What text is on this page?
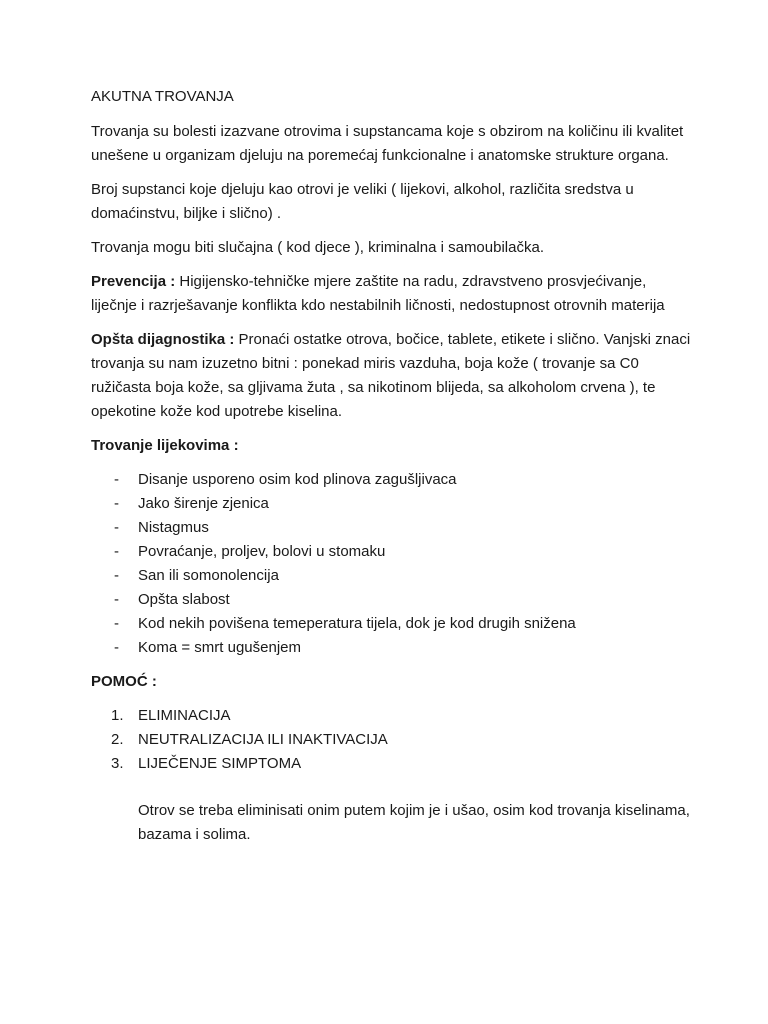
AKUTNA TROVANJA

Trovanja su bolesti izazvane otrovima i supstancama koje s obzirom na količinu ili kvalitet unešene u organizam djeluju na poremećaj funkcionalne i anatomske strukture organa.

Broj supstanci koje djeluju kao otrovi je veliki ( lijekovi, alkohol, različita sredstva u domaćinstvu, biljke i slično) .

Trovanja mogu biti slučajna ( kod djece ), kriminalna i samoubilačka.

Prevencija : Higijensko-tehničke mjere zaštite na radu, zdravstveno prosvjećivanje, liječnje i razrješavanje konflikta kdo nestabilnih ličnosti, nedostupnost otrovnih materija

Opšta dijagnostika : Pronaći ostatke otrova, bočice, tablete, etikete i slično. Vanjski znaci trovanja su nam izuzetno bitni : ponekad miris vazduha, boja kože ( trovanje sa C0 ružičasta boja kože, sa gljivama žuta , sa nikotinom blijeda, sa alkoholom crvena ), te opekotine kože kod upotrebe kiselina.

Trovanje lijekovima :

- Disanje usporeno osim kod plinova zagušljivaca
- Jako širenje zjenica
- Nistagmus
- Povraćanje, proljev, bolovi u stomaku
- San ili somonolencija
- Opšta slabost
- Kod nekih povišena temeperatura tijela, dok je kod drugih snižena
- Koma = smrt ugušenjem

POMOĆ :

1. ELIMINACIJA
2. NEUTRALIZACIJA ILI INAKTIVACIJA
3. LIJEČENJE SIMPTOMA

Otrov se treba eliminisati onim putem kojim je i ušao, osim kod trovanja kiselinama, bazama i solima.
